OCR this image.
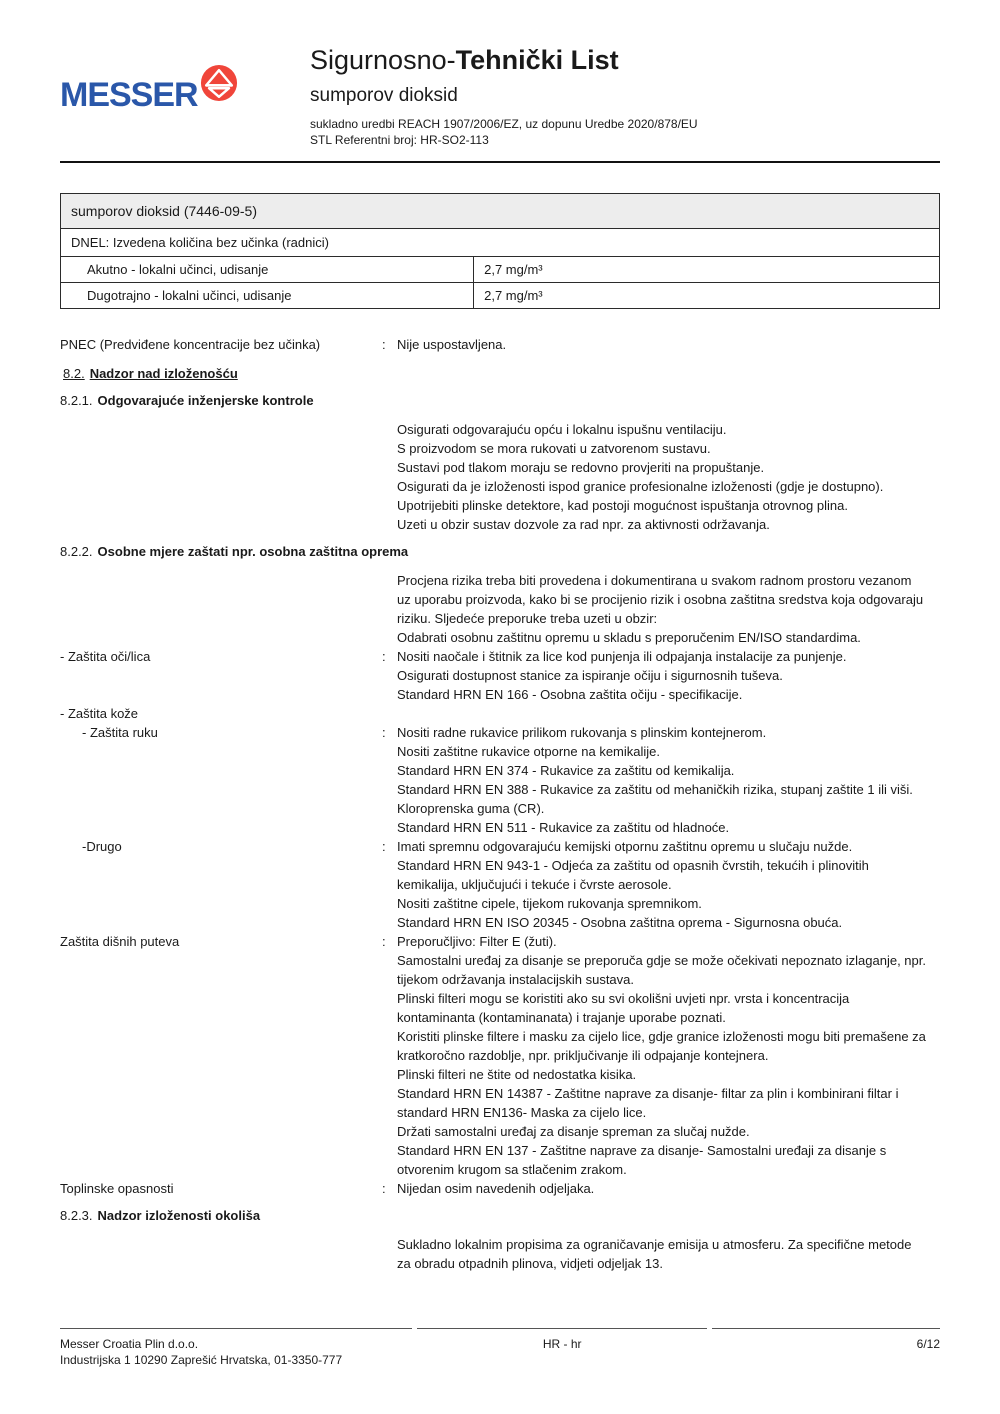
MESSER
Sigurnosno-Tehnički List
sumporov dioksid

sukladno uredbi REACH 1907/2006/EZ, uz dopunu Uredbe 2020/878/EU

STL Referentni broj: HR-SO2-113

sumporov dioksid (7446-09-5)	
DNEL: Izvedena količina bez učinka (radnici)	
Akutno - lokalni učinci, udisanje	2,7 mg/m³
Dugotrajno - lokalni učinci, udisanje	2,7 mg/m³
PNEC (Predviđene koncentracije bez učinka)	: Nije uspostavljena.
8.2. Nadzor nad izloženošću
8.2.1. Odgovarajuće inženjerske kontrole
Osigurati odgovarajuću opću i lokalnu ispušnu ventilaciju.
S proizvodom se mora rukovati u zatvorenom sustavu.
Sustavi pod tlakom moraju se redovno provjeriti na propuštanje.
Osigurati da je izloženosti ispod granice profesionalne izloženosti (gdje je dostupno).
Upotrijebiti plinske detektore, kad postoji mogućnost ispuštanja otrovnog plina.
Uzeti u obzir sustav dozvole za rad npr. za aktivnosti održavanja.
8.2.2. Osobne mjere zaštati npr. osobna zaštitna oprema
Procjena rizika treba biti provedena i dokumentirana u svakom radnom prostoru vezanom
uz uporabu proizvoda, kako bi se procijenio rizik i osobna zaštitna sredstva koja odgovaraju
riziku. Sljedeće preporuke treba uzeti u obzir:
Odabrati osobnu zaštitnu opremu u skladu s preporučenim EN/ISO standardima.
- Zaštita oči/lica	: Nositi naočale i štitnik za lice kod punjenja ili odpajanja instalacije za punjenje.
Osigurati dostupnost stanice za ispiranje očiju i sigurnosnih tuševa.
Standard HRN EN 166 - Osobna zaštita očiju - specifikacije.
- Zaštita kože
- Zaštita ruku	: Nositi radne rukavice prilikom rukovanja s plinskim kontejnerom.
Nositi zaštitne rukavice otporne na kemikalije.
Standard HRN EN 374 - Rukavice za zaštitu od kemikalija.
Standard HRN EN 388 - Rukavice za zaštitu od mehaničkih rizika, stupanj zaštite 1 ili viši.
Kloroprenska guma (CR).
Standard HRN EN 511 - Rukavice za zaštitu od hladnoće.
-Drugo	: Imati spremnu odgovarajuću kemijski otpornu zaštitnu opremu u slučaju nužde.
Standard HRN EN 943-1 - Odjeća za zaštitu od opasnih čvrstih, tekućih i plinovitih
kemikalija, uključujući i tekuće i čvrste aerosole.
Nositi zaštitne cipele, tijekom rukovanja spremnikom.
Standard HRN EN ISO 20345 - Osobna zaštitna oprema - Sigurnosna obuća.
Zaštita dišnih puteva	: Preporučljivo: Filter E (žuti).
Samostalni uređaj za disanje se preporuča gdje se može očekivati nepoznato izlaganje, npr.
tijekom održavanja instalacijskih sustava.
Plinski filteri mogu se koristiti ako su svi okolišni uvjeti npr. vrsta i koncentracija
kontaminanta (kontaminanata) i trajanje uporabe poznati.
Koristiti plinske filtere i masku za cijelo lice, gdje granice izloženosti mogu biti premašene za
kratkoročno razdoblje, npr. priključivanje ili odpajanje kontejnera.
Plinski filteri ne štite od nedostatka kisika.
Standard HRN EN 14387 - Zaštitne naprave za disanje- filtar za plin i kombinirani filtar i
standard HRN EN136- Maska za cijelo lice.
Držati samostalni uređaj za disanje spreman za slučaj nužde.
Standard HRN EN 137 - Zaštitne naprave za disanje- Samostalni uređaji za disanje s
otvorenim krugom sa stlačenim zrakom.
Toplinske opasnosti	: Nijedan osim navedenih odjeljaka.
8.2.3. Nadzor izloženosti okoliša
Sukladno lokalnim propisima za ograničavanje emisija u atmosferu. Za specifične metode
za obradu otpadnih plinova, vidjeti odjeljak 13.
Messer Croatia Plin d.o.o.
Industrijska 1 10290 Zaprešić Hrvatska, 01-3350-777
HR - hr	6/12
